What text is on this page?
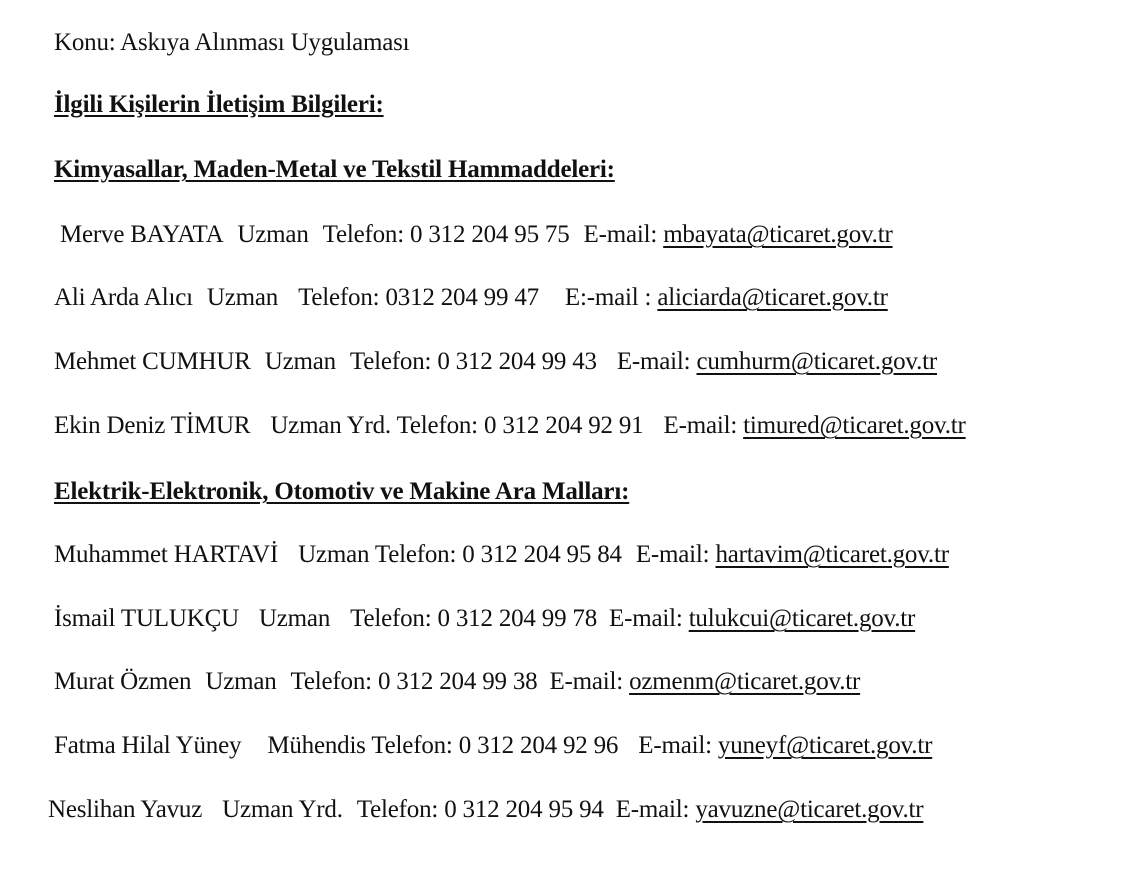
Konu: Askıya Alınması Uygulaması
İlgili Kişilerin İletişim Bilgileri:
Kimyasallar, Maden-Metal ve Tekstil Hammaddeleri:
Merve BAYATA Uzman Telefon: 0 312 204 95 75 E-mail: mbayata@ticaret.gov.tr
Ali Arda Alıcı Uzman Telefon: 0312 204 99 47 E:-mail : aliciarda@ticaret.gov.tr
Mehmet CUMHUR Uzman Telefon: 0 312 204 99 43 E-mail: cumhurm@ticaret.gov.tr
Ekin Deniz TİMUR Uzman Yrd. Telefon: 0 312 204 92 91 E-mail: timured@ticaret.gov.tr
Elektrik-Elektronik, Otomotiv ve Makine Ara Malları:
Muhammet HARTAVİ Uzman Telefon: 0 312 204 95 84 E-mail: hartavim@ticaret.gov.tr
İsmail TULUKÇU Uzman Telefon: 0 312 204 99 78 E-mail: tulukcui@ticaret.gov.tr
Murat Özmen Uzman Telefon: 0 312 204 99 38 E-mail: ozmenm@ticaret.gov.tr
Fatma Hilal Yüney Mühendis Telefon: 0 312 204 92 96 E-mail: yuneyf@ticaret.gov.tr
Neslihan Yavuz Uzman Yrd. Telefon: 0 312 204 95 94 E-mail: yavuzne@ticaret.gov.tr
